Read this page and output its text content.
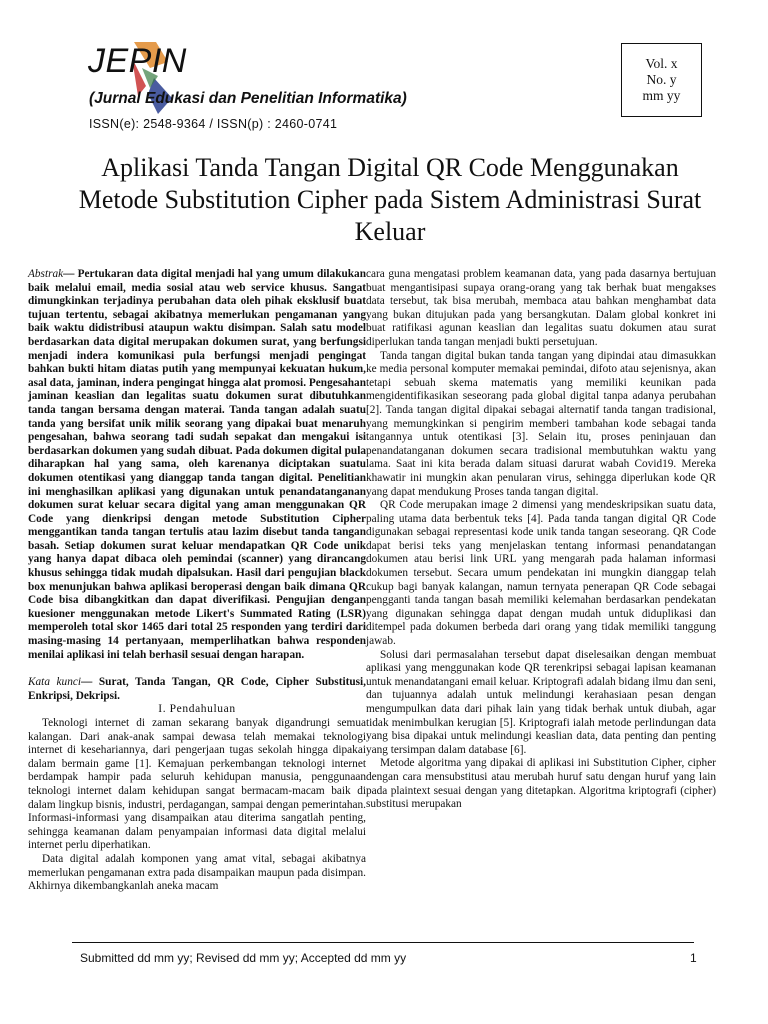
JEPIN
(Jurnal Edukasi dan Penelitian Informatika)
ISSN(e): 2548-9364 / ISSN(p) : 2460-0741
Vol. x
No. y
mm yy
Aplikasi Tanda Tangan Digital QR Code Menggunakan Metode Substitution Cipher pada Sistem Administrasi Surat Keluar

Abstrak— Pertukaran data digital menjadi hal yang umum dilakukan baik melalui email, media sosial atau web service khusus. Sangat dimungkinkan terjadinya perubahan data oleh pihak eksklusif buat tujuan tertentu, sebagai akibatnya memerlukan pengamanan yang baik waktu didistribusi ataupun waktu disimpan. Salah satu model berdasarkan data digital merupakan dokumen surat, yang berfungsi menjadi indera komunikasi pula berfungsi menjadi pengingat bahkan bukti hitam diatas putih yang mempunyai kekuatan hukum, asal data, jaminan, indera pengingat hingga alat promosi. Pengesahan jaminan keaslian dan legalitas suatu dokumen surat dibutuhkan tanda tangan bersama dengan materai. Tanda tangan adalah suatu tanda yang bersifat unik milik seorang yang dipakai buat menaruh pengesahan, bahwa seorang tadi sudah sepakat dan mengakui isi berdasarkan dokumen yang sudah dibuat. Pada dokumen digital pula diharapkan hal yang sama, oleh karenanya diciptakan suatu dokumen otentikasi yang dianggap tanda tangan digital. Penelitian ini menghasilkan aplikasi yang digunakan untuk penandatanganan dokumen surat keluar secara digital yang aman menggunakan QR Code yang dienkripsi dengan metode Substitution Cipher menggantikan tanda tangan tertulis atau lazim disebut tanda tangan basah. Setiap dokumen surat keluar mendapatkan QR Code unik yang hanya dapat dibaca oleh pemindai (scanner) yang dirancang khusus sehingga tidak mudah dipalsukan. Hasil dari pengujian black box menunjukan bahwa aplikasi beroperasi dengan baik dimana QR Code bisa dibangkitkan dan dapat diverifikasi. Pengujian dengan kuesioner menggunakan metode Likert's Summated Rating (LSR) memperoleh total skor 1465 dari total 25 responden yang terdiri dari masing-masing 14 pertanyaan, memperlihatkan bahwa responden menilai aplikasi ini telah berhasil sesuai dengan harapan.

Kata kunci— Surat, Tanda Tangan, QR Code, Cipher Substitusi, Enkripsi, Dekripsi.

I. Pendahuluan

Teknologi internet di zaman sekarang banyak digandrungi semua kalangan. Dari anak-anak sampai dewasa telah memakai teknologi internet di kesehariannya, dari pengerjaan tugas sekolah hingga dipakai dalam bermain game [1]. Kemajuan perkembangan teknologi internet berdampak hampir pada seluruh kehidupan manusia, penggunaan teknologi internet dalam kehidupan sangat bermacam-macam baik di dalam lingkup bisnis, industri, perdagangan, sampai dengan pemerintahan. Informasi-informasi yang disampaikan atau diterima sangatlah penting, sehingga keamanan dalam penyampaian informasi data digital melalui internet perlu diperhatikan.

Data digital adalah komponen yang amat vital, sebagai akibatnya memerlukan pengamanan extra pada disampaikan maupun pada disimpan. Akhirnya dikembangkanlah aneka macam

cara guna mengatasi problem keamanan data, yang pada dasarnya bertujuan buat mengantisipasi supaya orang-orang yang tak berhak buat mengakses data tersebut, tak bisa merubah, membaca atau bahkan menghambat data yang bukan ditujukan pada yang bersangkutan. Dalam global konkret ini buat ratifikasi agunan keaslian dan legalitas suatu dokumen atau surat diperlukan tanda tangan menjadi bukti persetujuan.

Tanda tangan digital bukan tanda tangan yang dipindai atau dimasukkan ke media personal komputer memakai pemindai, difoto atau sejenisnya, akan tetapi sebuah skema matematis yang memiliki keunikan pada mengidentifikasikan seseorang pada global digital tanpa adanya perubahan [2]. Tanda tangan digital dipakai sebagai alternatif tanda tangan tradisional, yang memungkinkan si pengirim memberi tambahan kode sebagai tanda tangannya untuk otentikasi [3]. Selain itu, proses peninjauan dan penandatanganan dokumen secara tradisional membutuhkan waktu yang lama. Saat ini kita berada dalam situasi darurat wabah Covid19. Mereka khawatir ini mungkin akan penularan virus, sehingga diperlukan kode QR yang dapat mendukung Proses tanda tangan digital.

QR Code merupakan image 2 dimensi yang mendeskripsikan suatu data, paling utama data berbentuk teks [4]. Pada tanda tangan digital QR Code digunakan sebagai representasi kode unik tanda tangan seseorang. QR Code dapat berisi teks yang menjelaskan tentang informasi penandatangan dokumen atau berisi link URL yang mengarah pada halaman informasi dokumen tersebut. Secara umum pendekatan ini mungkin dianggap telah cukup bagi banyak kalangan, namun ternyata penerapan QR Code sebagai pengganti tanda tangan basah memiliki kelemahan berdasarkan pendekatan yang digunakan sehingga dapat dengan mudah untuk diduplikasi dan ditempel pada dokumen berbeda dari orang yang tidak memiliki tanggung jawab.

Solusi dari permasalahan tersebut dapat diselesaikan dengan membuat aplikasi yang menggunakan kode QR terenkripsi sebagai lapisan keamanan untuk menandatangani email keluar. Kriptografi adalah bidang ilmu dan seni, dan tujuannya adalah untuk melindungi kerahasiaan pesan dengan mengumpulkan data dari pihak lain yang tidak berhak untuk diubah, agar tidak menimbulkan kerugian [5]. Kriptografi ialah metode perlindungan data yang bisa dipakai untuk melindungi keaslian data, data penting dan penting yang tersimpan dalam database [6].

Metode algoritma yang dipakai di aplikasi ini Substitution Cipher, cipher dengan cara mensubstitusi atau merubah huruf satu dengan huruf yang lain pada plaintext sesuai dengan yang ditetapkan. Algoritma kriptografi (cipher) substitusi merupakan

Submitted dd mm yy; Revised dd mm yy; Accepted dd mm yy	1
